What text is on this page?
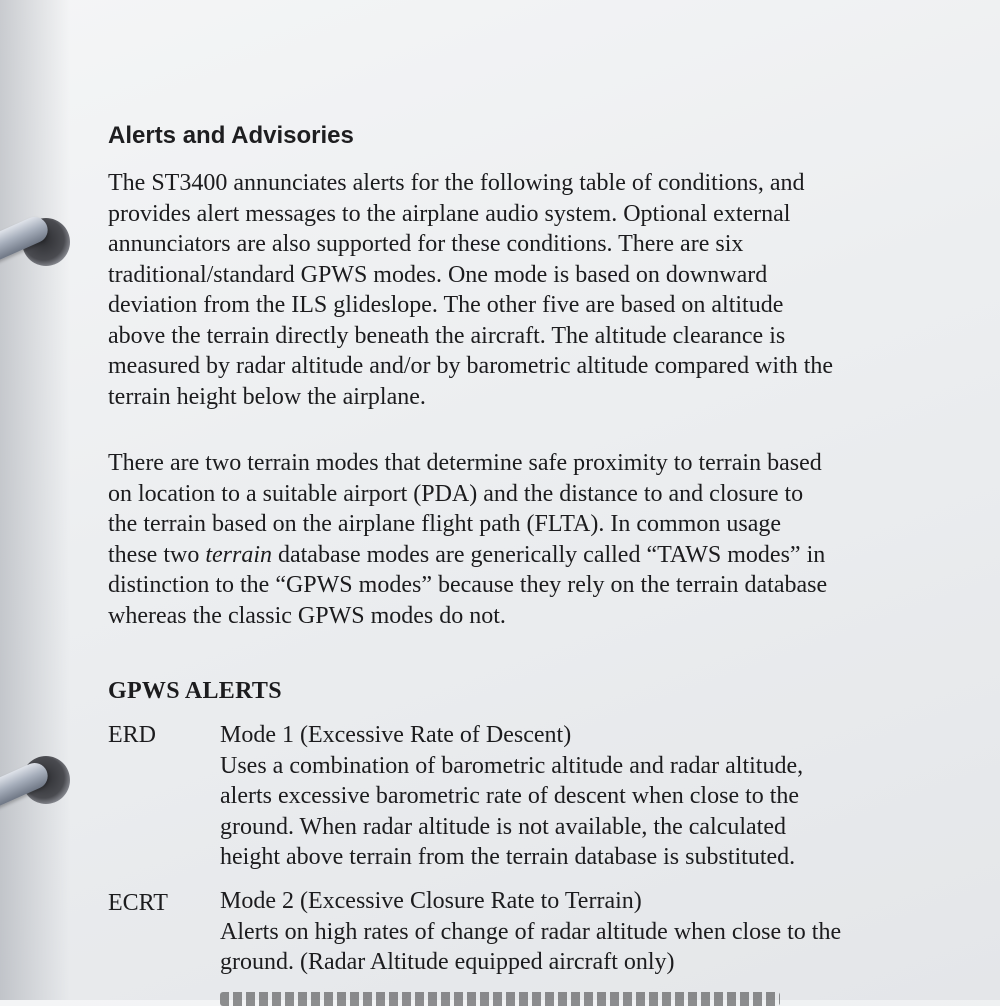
Alerts and Advisories

The ST3400 annunciates alerts for the following table of conditions, and
provides alert messages to the airplane audio system. Optional external
annunciators are also supported for these conditions. There are six
traditional/standard GPWS modes. One mode is based on downward
deviation from the ILS glideslope. The other five are based on altitude
above the terrain directly beneath the aircraft. The altitude clearance is
measured by radar altitude and/or by barometric altitude compared with the
terrain height below the airplane.

There are two terrain modes that determine safe proximity to terrain based
on location to a suitable airport (PDA) and the distance to and closure to
the terrain based on the airplane flight path (FLTA). In common usage
these two terrain database modes are generically called “TAWS modes” in
distinction to the “GPWS modes” because they rely on the terrain database
whereas the classic GPWS modes do not.

GPWS ALERTS

ERD	Mode 1 (Excessive Rate of Descent)
Uses a combination of barometric altitude and radar altitude,
alerts excessive barometric rate of descent when close to the
ground. When radar altitude is not available, the calculated
height above terrain from the terrain database is substituted.

ECRT Mode 2 (Excessive Closure Rate to Terrain)
Alerts on high rates of change of radar altitude when close to the
ground. (Radar Altitude equipped aircraft only)
